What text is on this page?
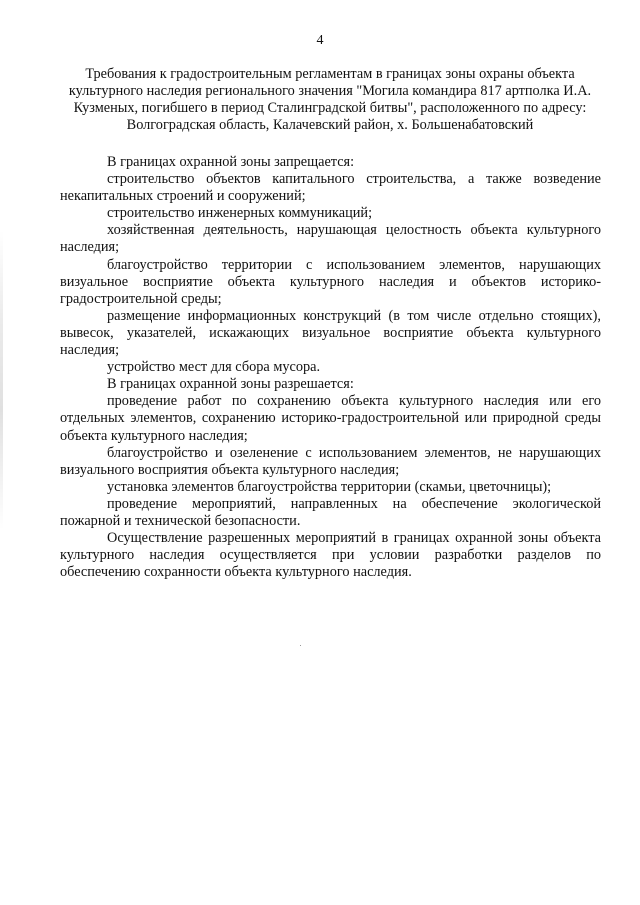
4
Требования к градостроительным регламентам в границах зоны охраны объекта культурного наследия регионального значения "Могила командира 817 артполка И.А. Кузменых, погибшего в период Сталинградской битвы", расположенного по адресу: Волгоградская область, Калачевский район, х. Большенабатовский

В границах охранной зоны запрещается:

строительство объектов капитального строительства, а также возведение некапитальных строений и сооружений;

строительство инженерных коммуникаций;

хозяйственная деятельность, нарушающая целостность объекта культурного наследия;

благоустройство территории с использованием элементов, нарушающих визуальное восприятие объекта культурного наследия и объектов историко-градостроительной среды;

размещение информационных конструкций (в том числе отдельно стоящих), вывесок, указателей, искажающих визуальное восприятие объекта культурного наследия;

устройство мест для сбора мусора.

В границах охранной зоны разрешается:

проведение работ по сохранению объекта культурного наследия или его отдельных элементов, сохранению историко-градостроительной или природной среды объекта культурного наследия;

благоустройство и озеленение с использованием элементов, не нарушающих визуального восприятия объекта культурного наследия;

установка элементов благоустройства территории (скамьи, цветочницы);

проведение мероприятий, направленных на обеспечение экологической пожарной и технической безопасности.

Осуществление разрешенных мероприятий в границах охранной зоны объекта культурного наследия осуществляется при условии разработки разделов по обеспечению сохранности объекта культурного наследия.
